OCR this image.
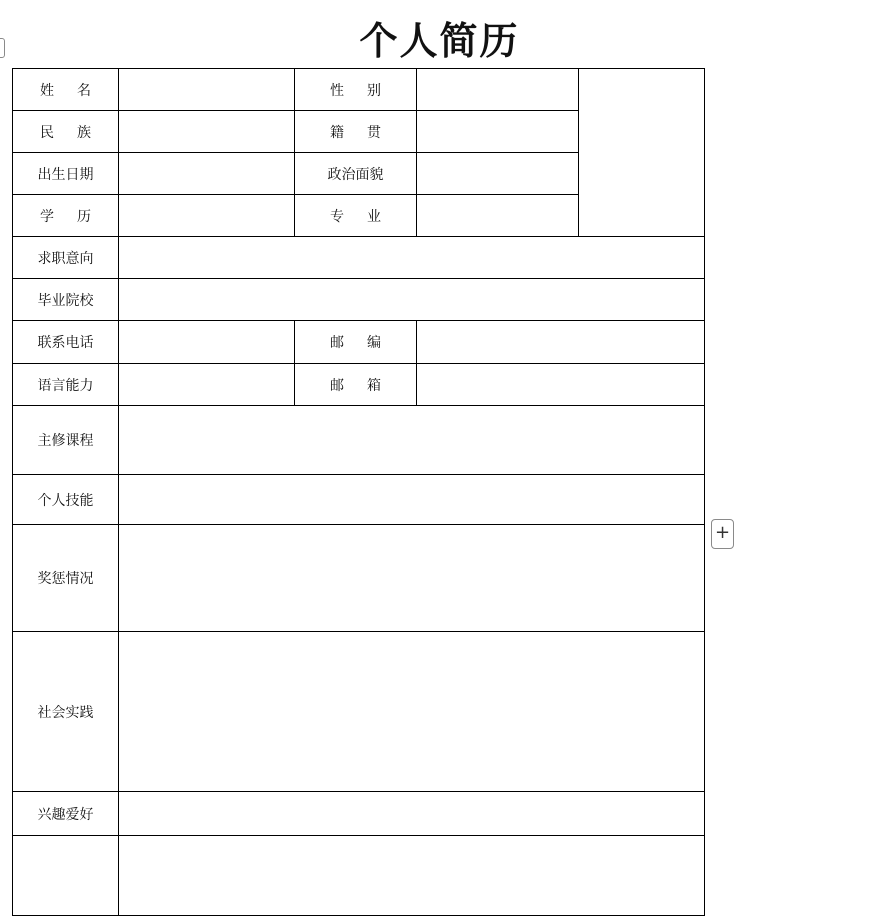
个人简历
姓 　 名		性 　 别		
民 　 族		籍 　 贯		
出生日期		政治面貌		
学 　 历		专 　 业		
求职意向				
毕业院校				
联系电话		邮 　 编		
语言能力		邮 　 箱		
主修课程				
个人技能				
奖惩情况				
社会实践				
兴趣爱好				

+
